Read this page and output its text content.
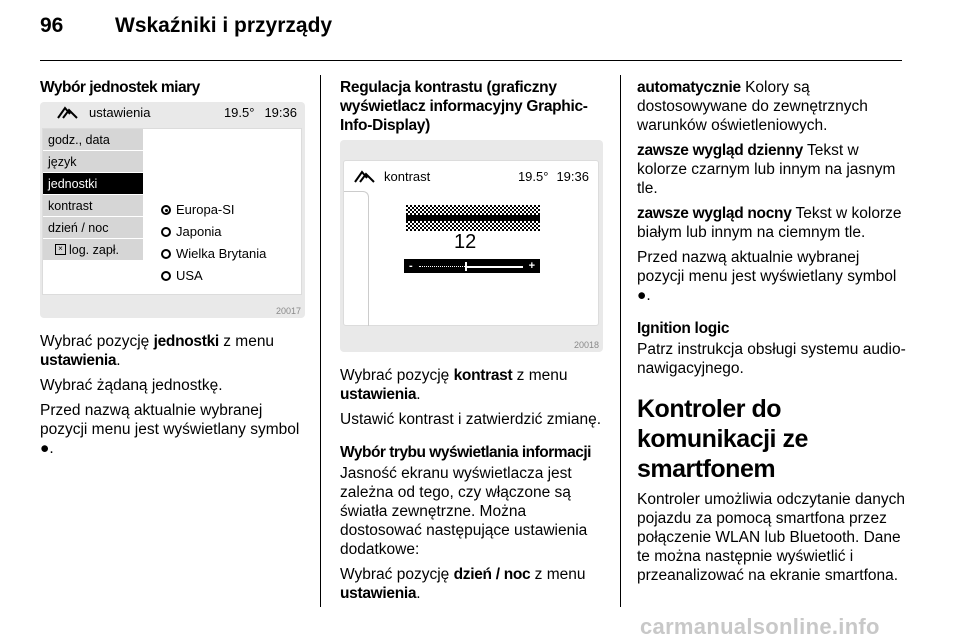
96 Wskaźniki i przyrządy
Wybór jednostek miary
ustawienia	19.5° 19:36
godz., data
język
jednostki
kontrast
dzień / noc
× log. zapł.
Europa-SI
Japonia
Wielka Brytania
USA
20017

Wybrać pozycję jednostki z menu ustawienia.

Wybrać żądaną jednostkę.

Przed nazwą aktualnie wybranej pozycji menu jest wyświetlany symbol ●.

Regulacja kontrastu (graficzny wyświetlacz informacyjny Graphic-Info-Display)
kontrast	19.5° 19:36
12
-	+
20018

Wybrać pozycję kontrast z menu ustawienia.

Ustawić kontrast i zatwierdzić zmianę.

Wybór trybu wyświetlania informacji

Jasność ekranu wyświetlacza jest zależna od tego, czy włączone są światła zewnętrzne. Można dostosować następujące ustawienia dodatkowe:

Wybrać pozycję dzień / noc z menu ustawienia.

automatycznie Kolory są dostosowywane do zewnętrznych warunków oświetleniowych.

zawsze wygląd dzienny Tekst w kolorze czarnym lub innym na jasnym tle.

zawsze wygląd nocny Tekst w kolorze białym lub innym na ciemnym tle.

Przed nazwą aktualnie wybranej pozycji menu jest wyświetlany symbol ●.

Ignition logic

Patrz instrukcja obsługi systemu audio-nawigacyjnego.

Kontroler do komunikacji ze smartfonem

Kontroler umożliwia odczytanie danych pojazdu za pomocą smartfona przez połączenie WLAN lub Bluetooth. Dane te można następnie wyświetlić i przeanalizować na ekranie smartfona.

carmanualsonline.info
